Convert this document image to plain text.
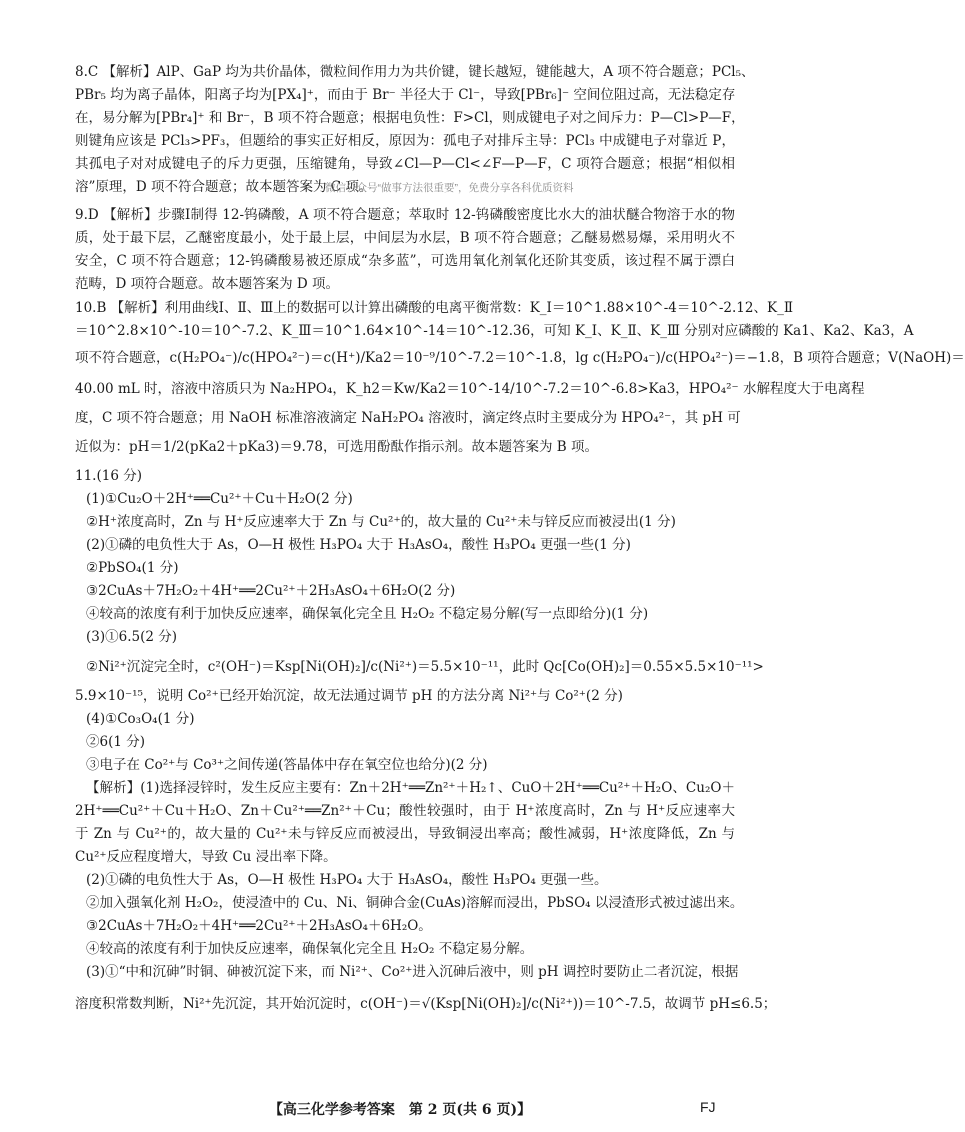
8.C 【解析】AlP、GaP 均为共价晶体，微粒间作用力为共价键，键长越短，键能越大，A 项不符合题意；PCl₅、
PBr₅ 均为离子晶体，阳离子均为[PX₄]⁺，而由于 Br⁻ 半径大于 Cl⁻，导致[PBr₆]⁻ 空间位阻过高，无法稳定存
在，易分解为[PBr₄]⁺ 和 Br⁻，B 项不符合题意；根据电负性：F>Cl，则成键电子对之间斥力：P—Cl>P—F，
则键角应该是 PCl₃>PF₃，但题给的事实正好相反，原因为：孤电子对排斥主导：PCl₃ 中成键电子对靠近 P，
其孤电子对对成键电子的斥力更强，压缩键角，导致∠Cl—P—Cl<∠F—P—F，C 项符合题意；根据“相似相
溶”原理，D 项不符合题意；故本题答案为 C 项。
微信公众号“做事方法很重要”，免费分享各科优质资料
9.D 【解析】步骤Ⅰ制得 12-钨磷酸，A 项不符合题意；萃取时 12-钨磷酸密度比水大的油状醚合物溶于水的物
质，处于最下层，乙醚密度最小，处于最上层，中间层为水层，B 项不符合题意；乙醚易燃易爆，采用明火不
安全，C 项不符合题意；12-钨磷酸易被还原成“杂多蓝”，可选用氧化剂氧化还阶其变质，该过程不属于漂白
范畴，D 项符合题意。故本题答案为 D 项。
10.B 【解析】利用曲线Ⅰ、Ⅱ、Ⅲ上的数据可以计算出磷酸的电离平衡常数：K_Ⅰ＝10^1.88×10^-4＝10^-2.12、K_Ⅱ
＝10^2.8×10^-10＝10^-7.2、K_Ⅲ＝10^1.64×10^-14＝10^-12.36，可知 K_Ⅰ、K_Ⅱ、K_Ⅲ 分别对应磷酸的 Ka1、Ka2、Ka3，A
项不符合题意，c(H₂PO₄⁻)/c(HPO₄²⁻)＝c(H⁺)/Ka2＝10⁻⁹/10^-7.2＝10^-1.8，lg c(H₂PO₄⁻)/c(HPO₄²⁻)＝−1.8，B 项符合题意；V(NaOH)＝
40.00 mL 时，溶液中溶质只为 Na₂HPO₄，K_h2＝Kw/Ka2＝10^-14/10^-7.2＝10^-6.8>Ka3，HPO₄²⁻ 水解程度大于电离程
度，C 项不符合题意；用 NaOH 标准溶液滴定 NaH₂PO₄ 溶液时，滴定终点时主要成分为 HPO₄²⁻，其 pH 可
近似为：pH＝1/2(pKa2＋pKa3)＝9.78，可选用酚酞作指示剂。故本题答案为 B 项。
11.(16 分)
(1)①Cu₂O＋2H⁺══Cu²⁺＋Cu＋H₂O(2 分)
②H⁺浓度高时，Zn 与 H⁺反应速率大于 Zn 与 Cu²⁺的，故大量的 Cu²⁺未与锌反应而被浸出(1 分)
(2)①磷的电负性大于 As，O—H 极性 H₃PO₄ 大于 H₃AsO₄，酸性 H₃PO₄ 更强一些(1 分)
②PbSO₄(1 分)
③2CuAs＋7H₂O₂＋4H⁺══2Cu²⁺＋2H₃AsO₄＋6H₂O(2 分)
④较高的浓度有利于加快反应速率，确保氧化完全且 H₂O₂ 不稳定易分解(写一点即给分)(1 分)
(3)①6.5(2 分)
②Ni²⁺沉淀完全时，c²(OH⁻)＝Ksp[Ni(OH)₂]/c(Ni²⁺)＝5.5×10⁻¹¹，此时 Qc[Co(OH)₂]＝0.55×5.5×10⁻¹¹>
5.9×10⁻¹⁵，说明 Co²⁺已经开始沉淀，故无法通过调节 pH 的方法分离 Ni²⁺与 Co²⁺(2 分)
(4)①Co₃O₄(1 分)
②6(1 分)
③电子在 Co²⁺与 Co³⁺之间传递(答晶体中存在氧空位也给分)(2 分)
【解析】(1)选择浸锌时，发生反应主要有：Zn＋2H⁺══Zn²⁺＋H₂↑、CuO＋2H⁺══Cu²⁺＋H₂O、Cu₂O＋
2H⁺══Cu²⁺＋Cu＋H₂O、Zn＋Cu²⁺══Zn²⁺＋Cu；酸性较强时，由于 H⁺浓度高时，Zn 与 H⁺反应速率大
于 Zn 与 Cu²⁺的，故大量的 Cu²⁺未与锌反应而被浸出，导致铜浸出率高；酸性减弱，H⁺浓度降低，Zn 与
Cu²⁺反应程度增大，导致 Cu 浸出率下降。
(2)①磷的电负性大于 As，O—H 极性 H₃PO₄ 大于 H₃AsO₄，酸性 H₃PO₄ 更强一些。
②加入强氧化剂 H₂O₂，使浸渣中的 Cu、Ni、铜砷合金(CuAs)溶解而浸出，PbSO₄ 以浸渣形式被过滤出来。
③2CuAs＋7H₂O₂＋4H⁺══2Cu²⁺＋2H₃AsO₄＋6H₂O。
④较高的浓度有利于加快反应速率，确保氧化完全且 H₂O₂ 不稳定易分解。
(3)①“中和沉砷”时铜、砷被沉淀下来，而 Ni²⁺、Co²⁺进入沉砷后液中，则 pH 调控时要防止二者沉淀，根据
溶度积常数判断，Ni²⁺先沉淀，其开始沉淀时，c(OH⁻)＝√(Ksp[Ni(OH)₂]/c(Ni²⁺))＝10^-7.5，故调节 pH≤6.5；
【高三化学参考答案　第 2 页(共 6 页)】	FJ
